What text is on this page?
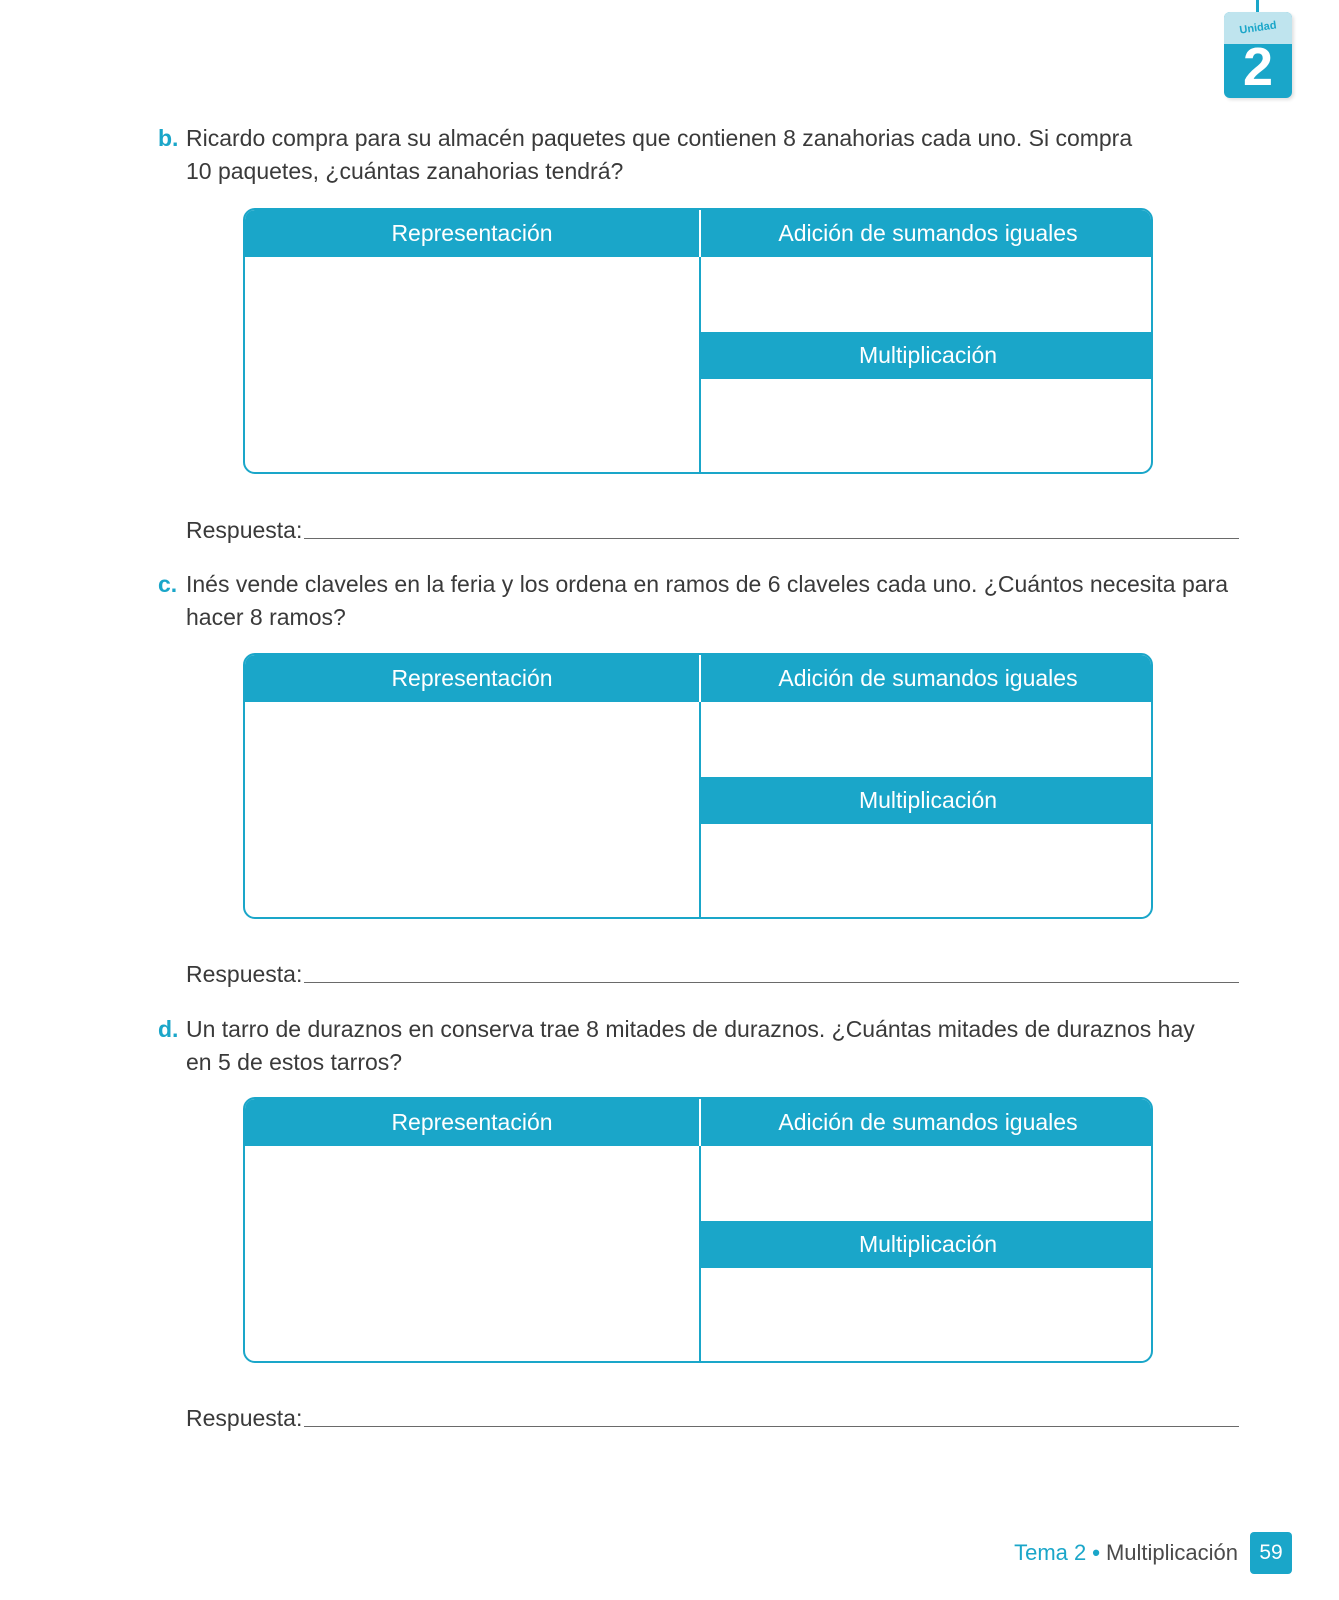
Unidad
2
b. Ricardo compra para su almacén paquetes que contienen 8 zanahorias cada uno. Si compra
10 paquetes, ¿cuántas zanahorias tendrá?
Representación	Adición de sumandos iguales
Multiplicación
Respuesta:
c. Inés vende claveles en la feria y los ordena en ramos de 6 claveles cada uno. ¿Cuántos necesita para
hacer 8 ramos?
Representación	Adición de sumandos iguales
Multiplicación
Respuesta:
d. Un tarro de duraznos en conserva trae 8 mitades de duraznos. ¿Cuántas mitades de duraznos hay
en 5 de estos tarros?
Representación	Adición de sumandos iguales
Multiplicación
Respuesta:
Tema 2 • Multiplicación	59
